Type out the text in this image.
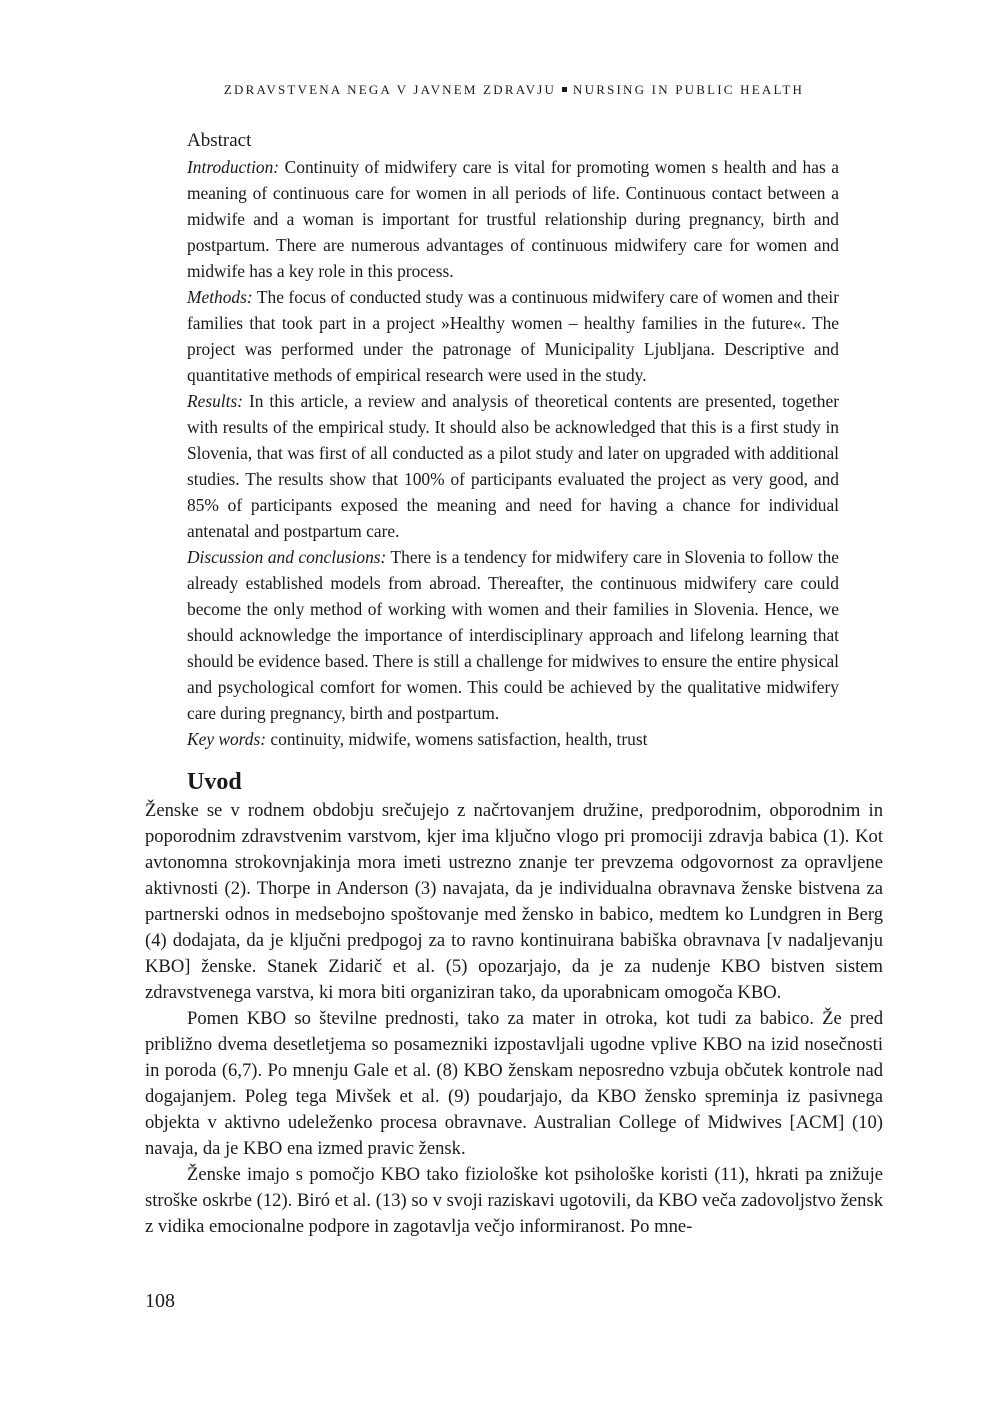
ZDRAVSTVENA NEGA V JAVNEM ZDRAVJU NURSING IN PUBLIC HEALTH
Abstract

Introduction: Continuity of midwifery care is vital for promoting women s health and has a meaning of continuous care for women in all periods of life. Continuous contact between a midwife and a woman is important for trustful relationship during pregnancy, birth and postpartum. There are numerous advantages of continuous midwifery care for women and midwife has a key role in this process.

Methods: The focus of conducted study was a continuous midwifery care of women and their families that took part in a project »Healthy women – healthy families in the future«. The project was performed under the patronage of Municipality Ljubljana. Descriptive and quantitative methods of empirical research were used in the study.

Results: In this article, a review and analysis of theoretical contents are presented, together with results of the empirical study. It should also be acknowledged that this is a first study in Slovenia, that was first of all conducted as a pilot study and later on upgraded with additional studies. The results show that 100% of participants evaluated the project as very good, and 85% of participants exposed the meaning and need for having a chance for individual antenatal and postpartum care.

Discussion and conclusions: There is a tendency for midwifery care in Slovenia to follow the already established models from abroad. Thereafter, the continuous midwifery care could become the only method of working with women and their families in Slovenia. Hence, we should acknowledge the importance of interdisciplinary approach and lifelong learning that should be evidence based. There is still a challenge for midwives to ensure the entire physical and psychological comfort for women. This could be achieved by the qualitative midwifery care during pregnancy, birth and postpartum.

Key words: continuity, midwife, womens satisfaction, health, trust

Uvod

Ženske se v rodnem obdobju srečujejo z načrtovanjem družine, predporodnim, obporodnim in poporodnim zdravstvenim varstvom, kjer ima ključno vlogo pri promociji zdravja babica (1). Kot avtonomna strokovnjakinja mora imeti ustrezno znanje ter prevzema odgovornost za opravljene aktivnosti (2). Thorpe in Anderson (3) navajata, da je individualna obravnava ženske bistvena za partnerski odnos in medsebojno spoštovanje med žensko in babico, medtem ko Lundgren in Berg (4) dodajata, da je ključni predpogoj za to ravno kontinuirana babiška obravnava [v nadaljevanju KBO] ženske. Stanek Zidarič et al. (5) opozarjajo, da je za nudenje KBO bistven sistem zdravstvenega varstva, ki mora biti organiziran tako, da uporabnicam omogoča KBO.

Pomen KBO so številne prednosti, tako za mater in otroka, kot tudi za babico. Že pred približno dvema desetletjema so posamezniki izpostavljali ugodne vplive KBO na izid nosečnosti in poroda (6,7). Po mnenju Gale et al. (8) KBO ženskam neposredno vzbuja občutek kontrole nad dogajanjem. Poleg tega Mivšek et al. (9) poudarjajo, da KBO žensko spreminja iz pasivnega objekta v aktivno udeleženko procesa obravnave. Australian College of Midwives [ACM] (10) navaja, da je KBO ena izmed pravic žensk.

Ženske imajo s pomočjo KBO tako fiziološke kot psihološke koristi (11), hkrati pa znižuje stroške oskrbe (12). Biró et al. (13) so v svoji raziskavi ugotovili, da KBO veča zadovoljstvo žensk z vidika emocionalne podpore in zagotavlja večjo informiranost. Po mne-

108
